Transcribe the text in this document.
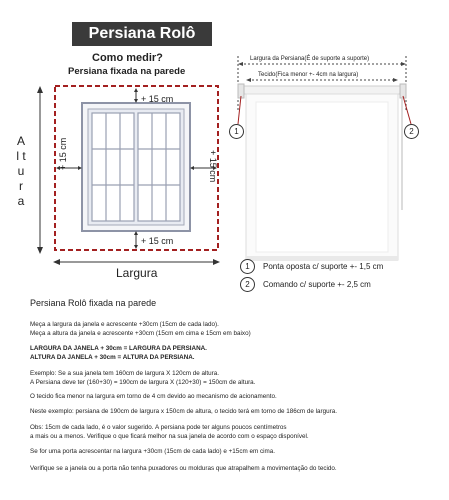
Persiana Rolô
Como medir?
Persiana fixada na parede
+ 15 cm
+ 15 cm
+ 15 cm	+ 15 cm
A l t u r a
Largura
Largura da Persiana(É de suporte a suporte)
Tecido(Fica menor +- 4cm na largura)
1	2
1	Ponta oposta c/ suporte +- 1,5 cm
2	Comando c/ suporte +- 2,5 cm
Persiana Rolô fixada na parede
Meça a largura da janela e acrescente +30cm (15cm de cada lado).
Meça a altura da janela e acrescente +30cm (15cm em cima e 15cm em baixo)
LARGURA DA JANELA + 30cm = LARGURA DA PERSIANA.
ALTURA DA JANELA + 30cm = ALTURA DA PERSIANA.
Exemplo: Se a sua janela tem 160cm de largura X 120cm de altura.
A Persiana deve ter (160+30) = 190cm de largura X (120+30) = 150cm de altura.
O tecido fica menor na largura em torno de 4 cm devido ao mecanismo de acionamento.
Neste exemplo: persiana de 190cm de largura x 150cm de altura, o tecido terá em torno de 186cm de largura.
Obs: 15cm de cada lado, é o valor sugerido. A persiana pode ter alguns poucos centímetros
a mais ou a menos. Verifique o que ficará melhor na sua janela de acordo com o espaço disponível.
Se for uma porta acrescentar na largura +30cm (15cm de cada lado) e +15cm em cima.
Verifique se a janela ou a porta não tenha puxadores ou molduras que atrapalhem a movimentação do tecido.
